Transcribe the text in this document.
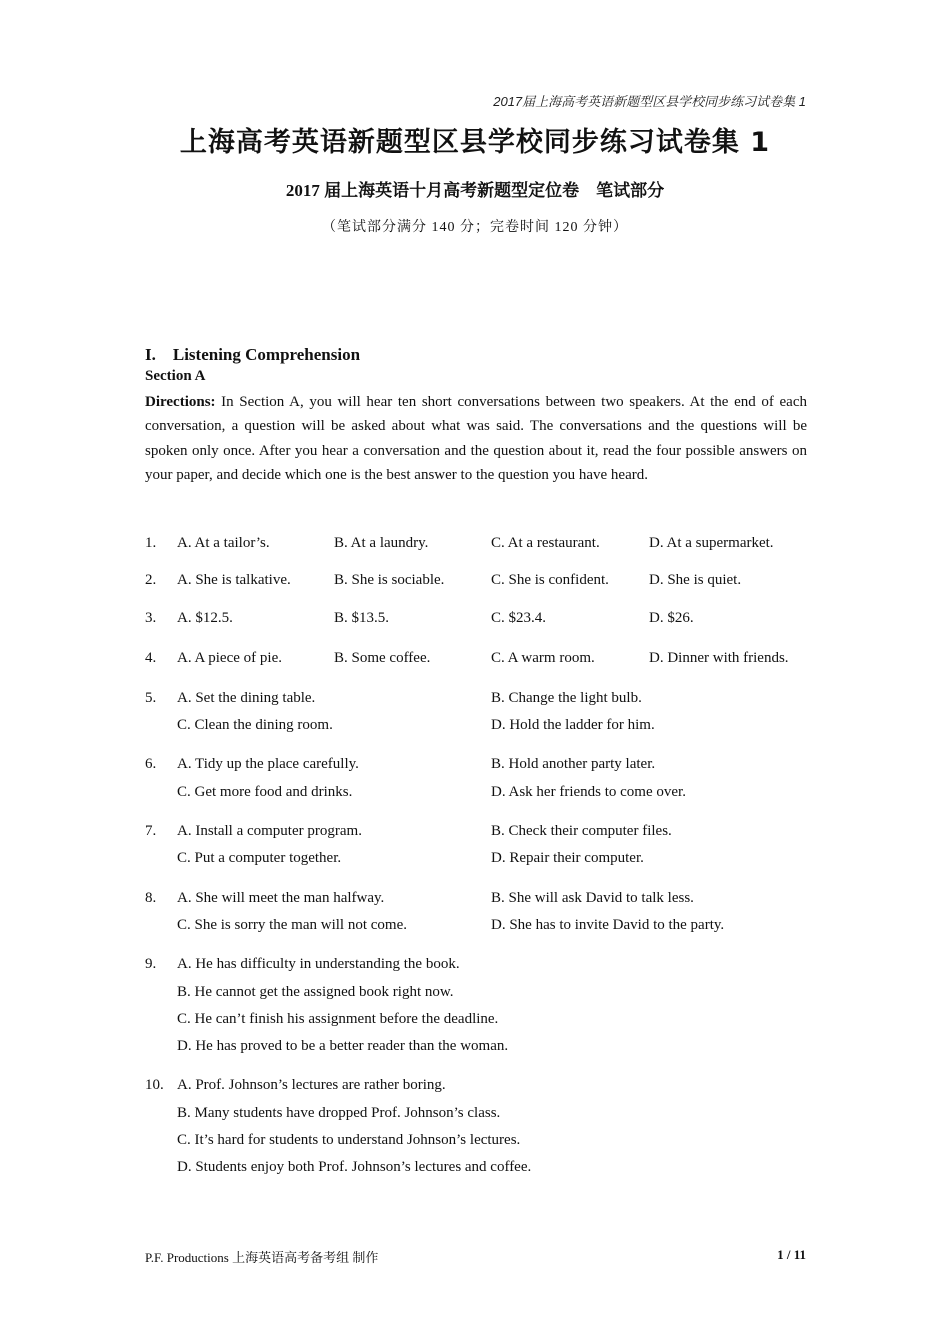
2017届上海高考英语新题型区县学校同步练习试卷集 1
上海高考英语新题型区县学校同步练习试卷集 1
2017 届上海英语十月高考新题型定位卷　笔试部分
（笔试部分满分 140 分；完卷时间 120 分钟）
I.　Listening Comprehension
Section A
Directions: In Section A, you will hear ten short conversations between two speakers. At the end of each conversation, a question will be asked about what was said. The conversations and the questions will be spoken only once. After you hear a conversation and the question about it, read the four possible answers on your paper, and decide which one is the best answer to the question you have heard.
1. A. At a tailor’s.	B. At a laundry.	C. At a restaurant.	D. At a supermarket.
2. A. She is talkative.	B. She is sociable.	C. She is confident.	D. She is quiet.
3. A. $12.5.	B. $13.5.	C. $23.4.	D. $26.
4. A. A piece of pie.	B. Some coffee.	C. A warm room.	D. Dinner with friends.
5. A. Set the dining table.	B. Change the light bulb.
C. Clean the dining room.	D. Hold the ladder for him.
6. A. Tidy up the place carefully.	B. Hold another party later.
C. Get more food and drinks.	D. Ask her friends to come over.
7. A. Install a computer program.	B. Check their computer files.
C. Put a computer together.	D. Repair their computer.
8. A. She will meet the man halfway.	B. She will ask David to talk less.
C. She is sorry the man will not come.	D. She has to invite David to the party.
9. A. He has difficulty in understanding the book.
B. He cannot get the assigned book right now.
C. He can’t finish his assignment before the deadline.
D. He has proved to be a better reader than the woman.
10. A. Prof. Johnson’s lectures are rather boring.
B. Many students have dropped Prof. Johnson’s class.
C. It’s hard for students to understand Johnson’s lectures.
D. Students enjoy both Prof. Johnson’s lectures and coffee.
P.F. Productions 上海英语高考备考组 制作	1 / 11
